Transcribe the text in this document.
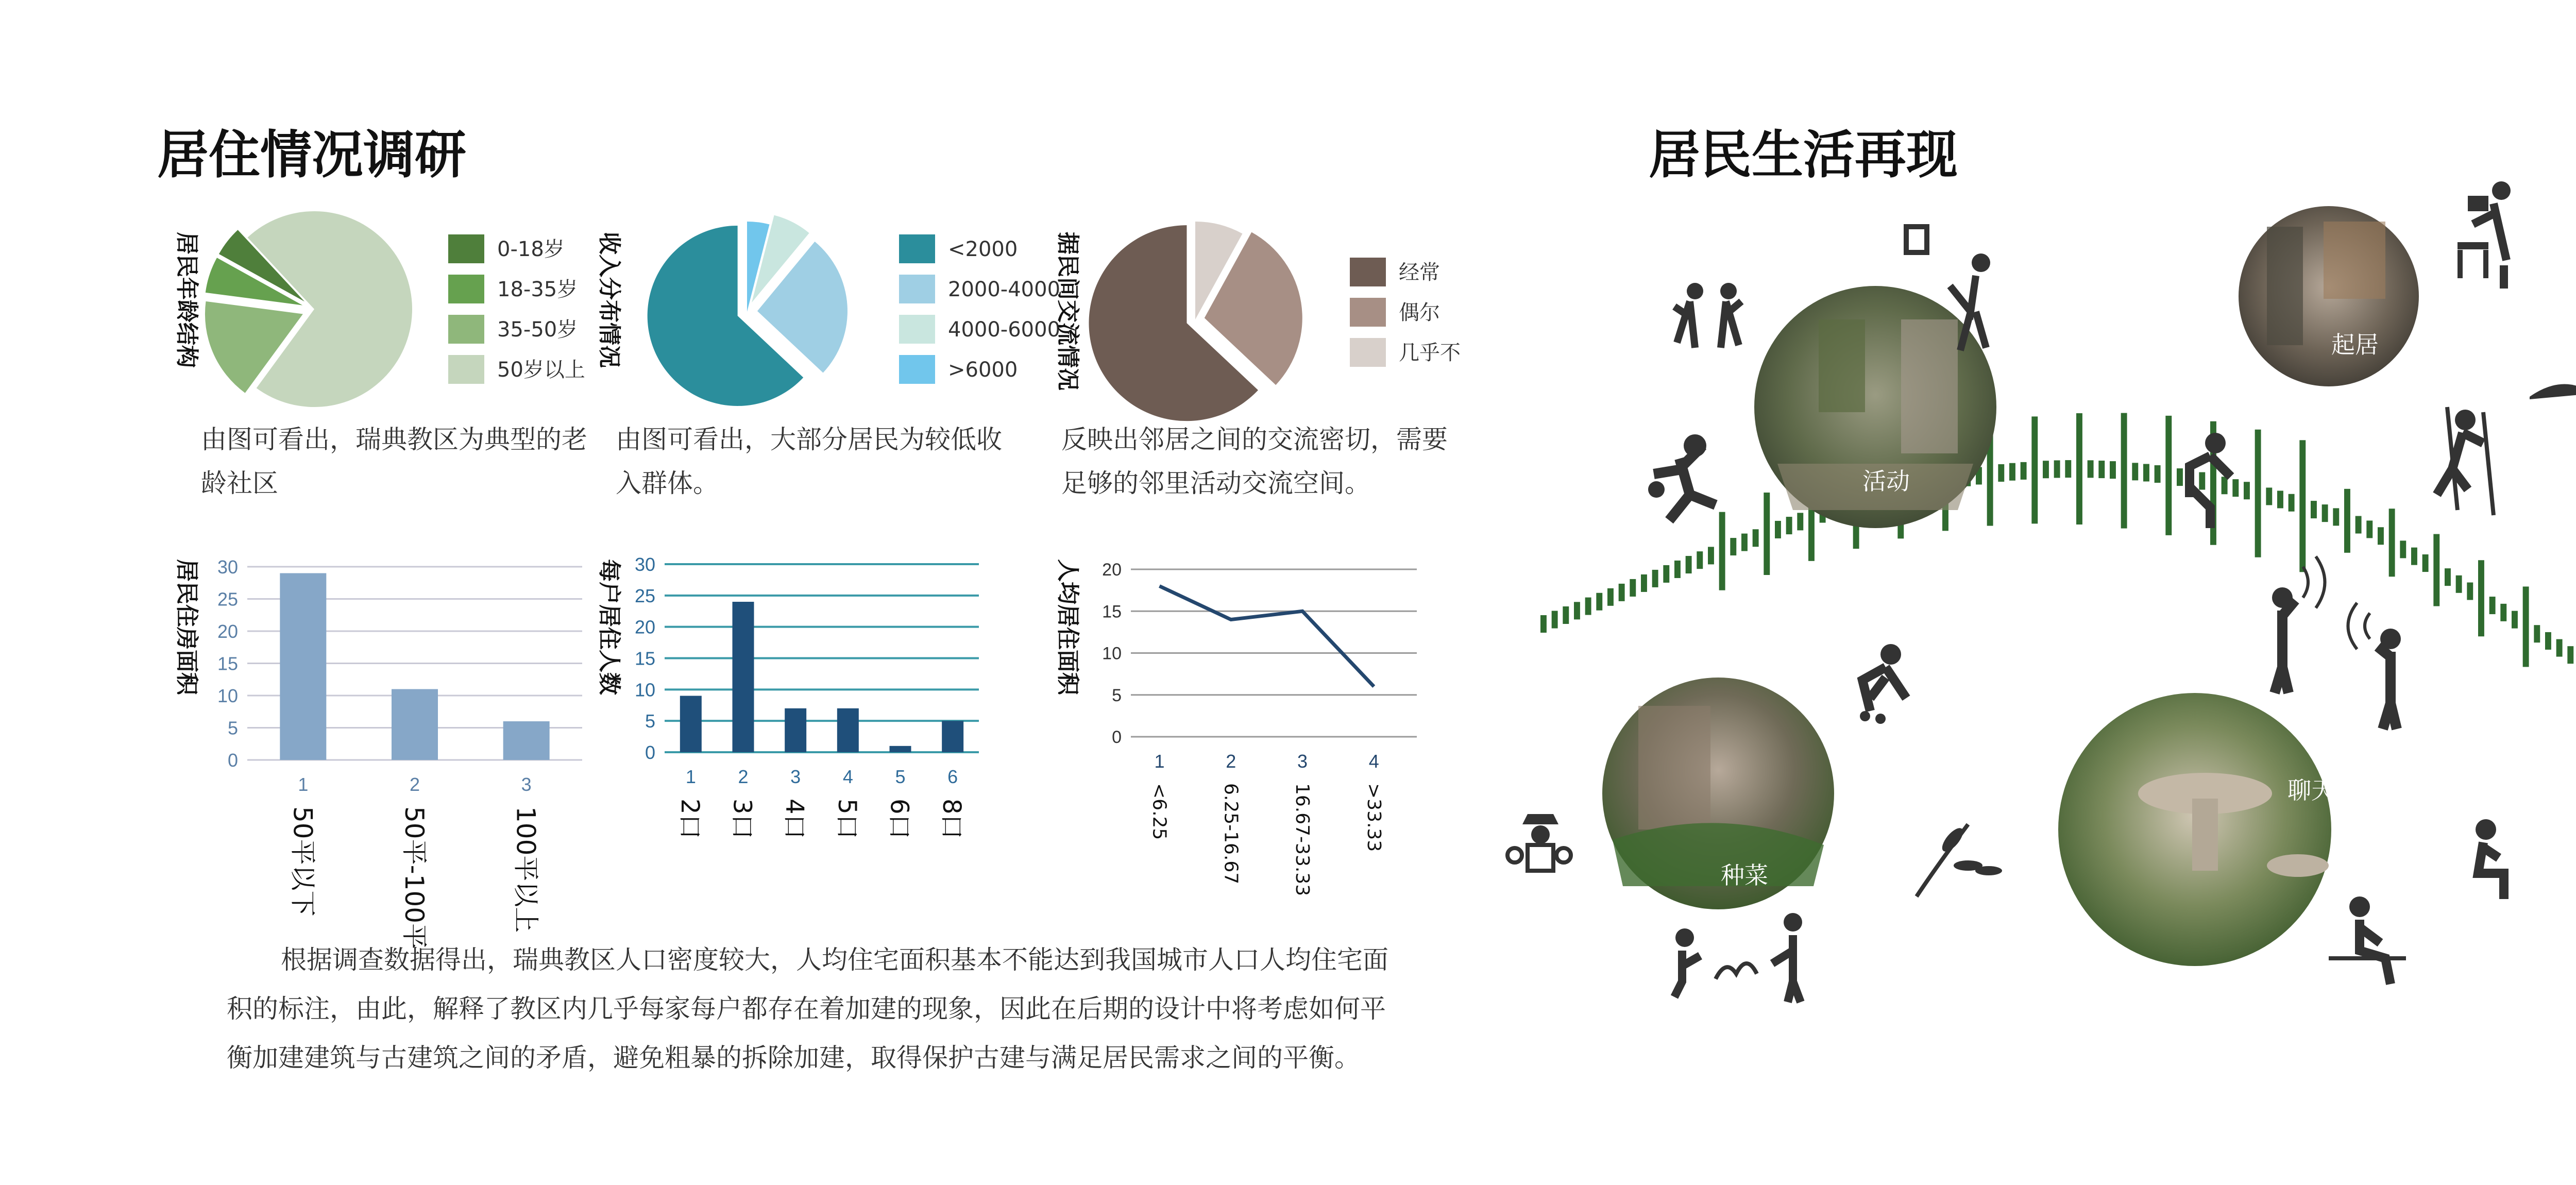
居住情况调研
居民年龄结构	0-18岁
18-35岁
35-50岁
50岁以上
由图可看出，瑞典教区为典型的老
龄社区
收入分布情况	<2000
2000-4000
4000-6000
>6000
由图可看出，大部分居民为较低收
入群体。
据民间交流情况	经常
偶尔
几乎不
反映出邻居之间的交流密切，需要
足够的邻里活动交流空间。
居民住房面积	每户居住人数	人均居住面积
0
5
10
15
20
25
30
1
50平以下
2
50平-100平
3
100平以上
0
5
10
15
20
25
30
1
2口
2
3口
3
4口
4
5口
5
6口
6
8口
0
5
10
15
20
1
<6.25
2
6.25-16.67
3
16.67-33.33
4
>33.33
根据调查数据得出，瑞典教区人口密度较大，人均住宅面积基本不能达到我国城市人口人均住宅面
积的标注，由此，解释了教区内几乎每家每户都存在着加建的现象，因此在后期的设计中将考虑如何平
衡加建建筑与古建筑之间的矛盾，避免粗暴的拆除加建，取得保护古建与满足居民需求之间的平衡。
居民生活再现
活动
起居
种菜
聊天
